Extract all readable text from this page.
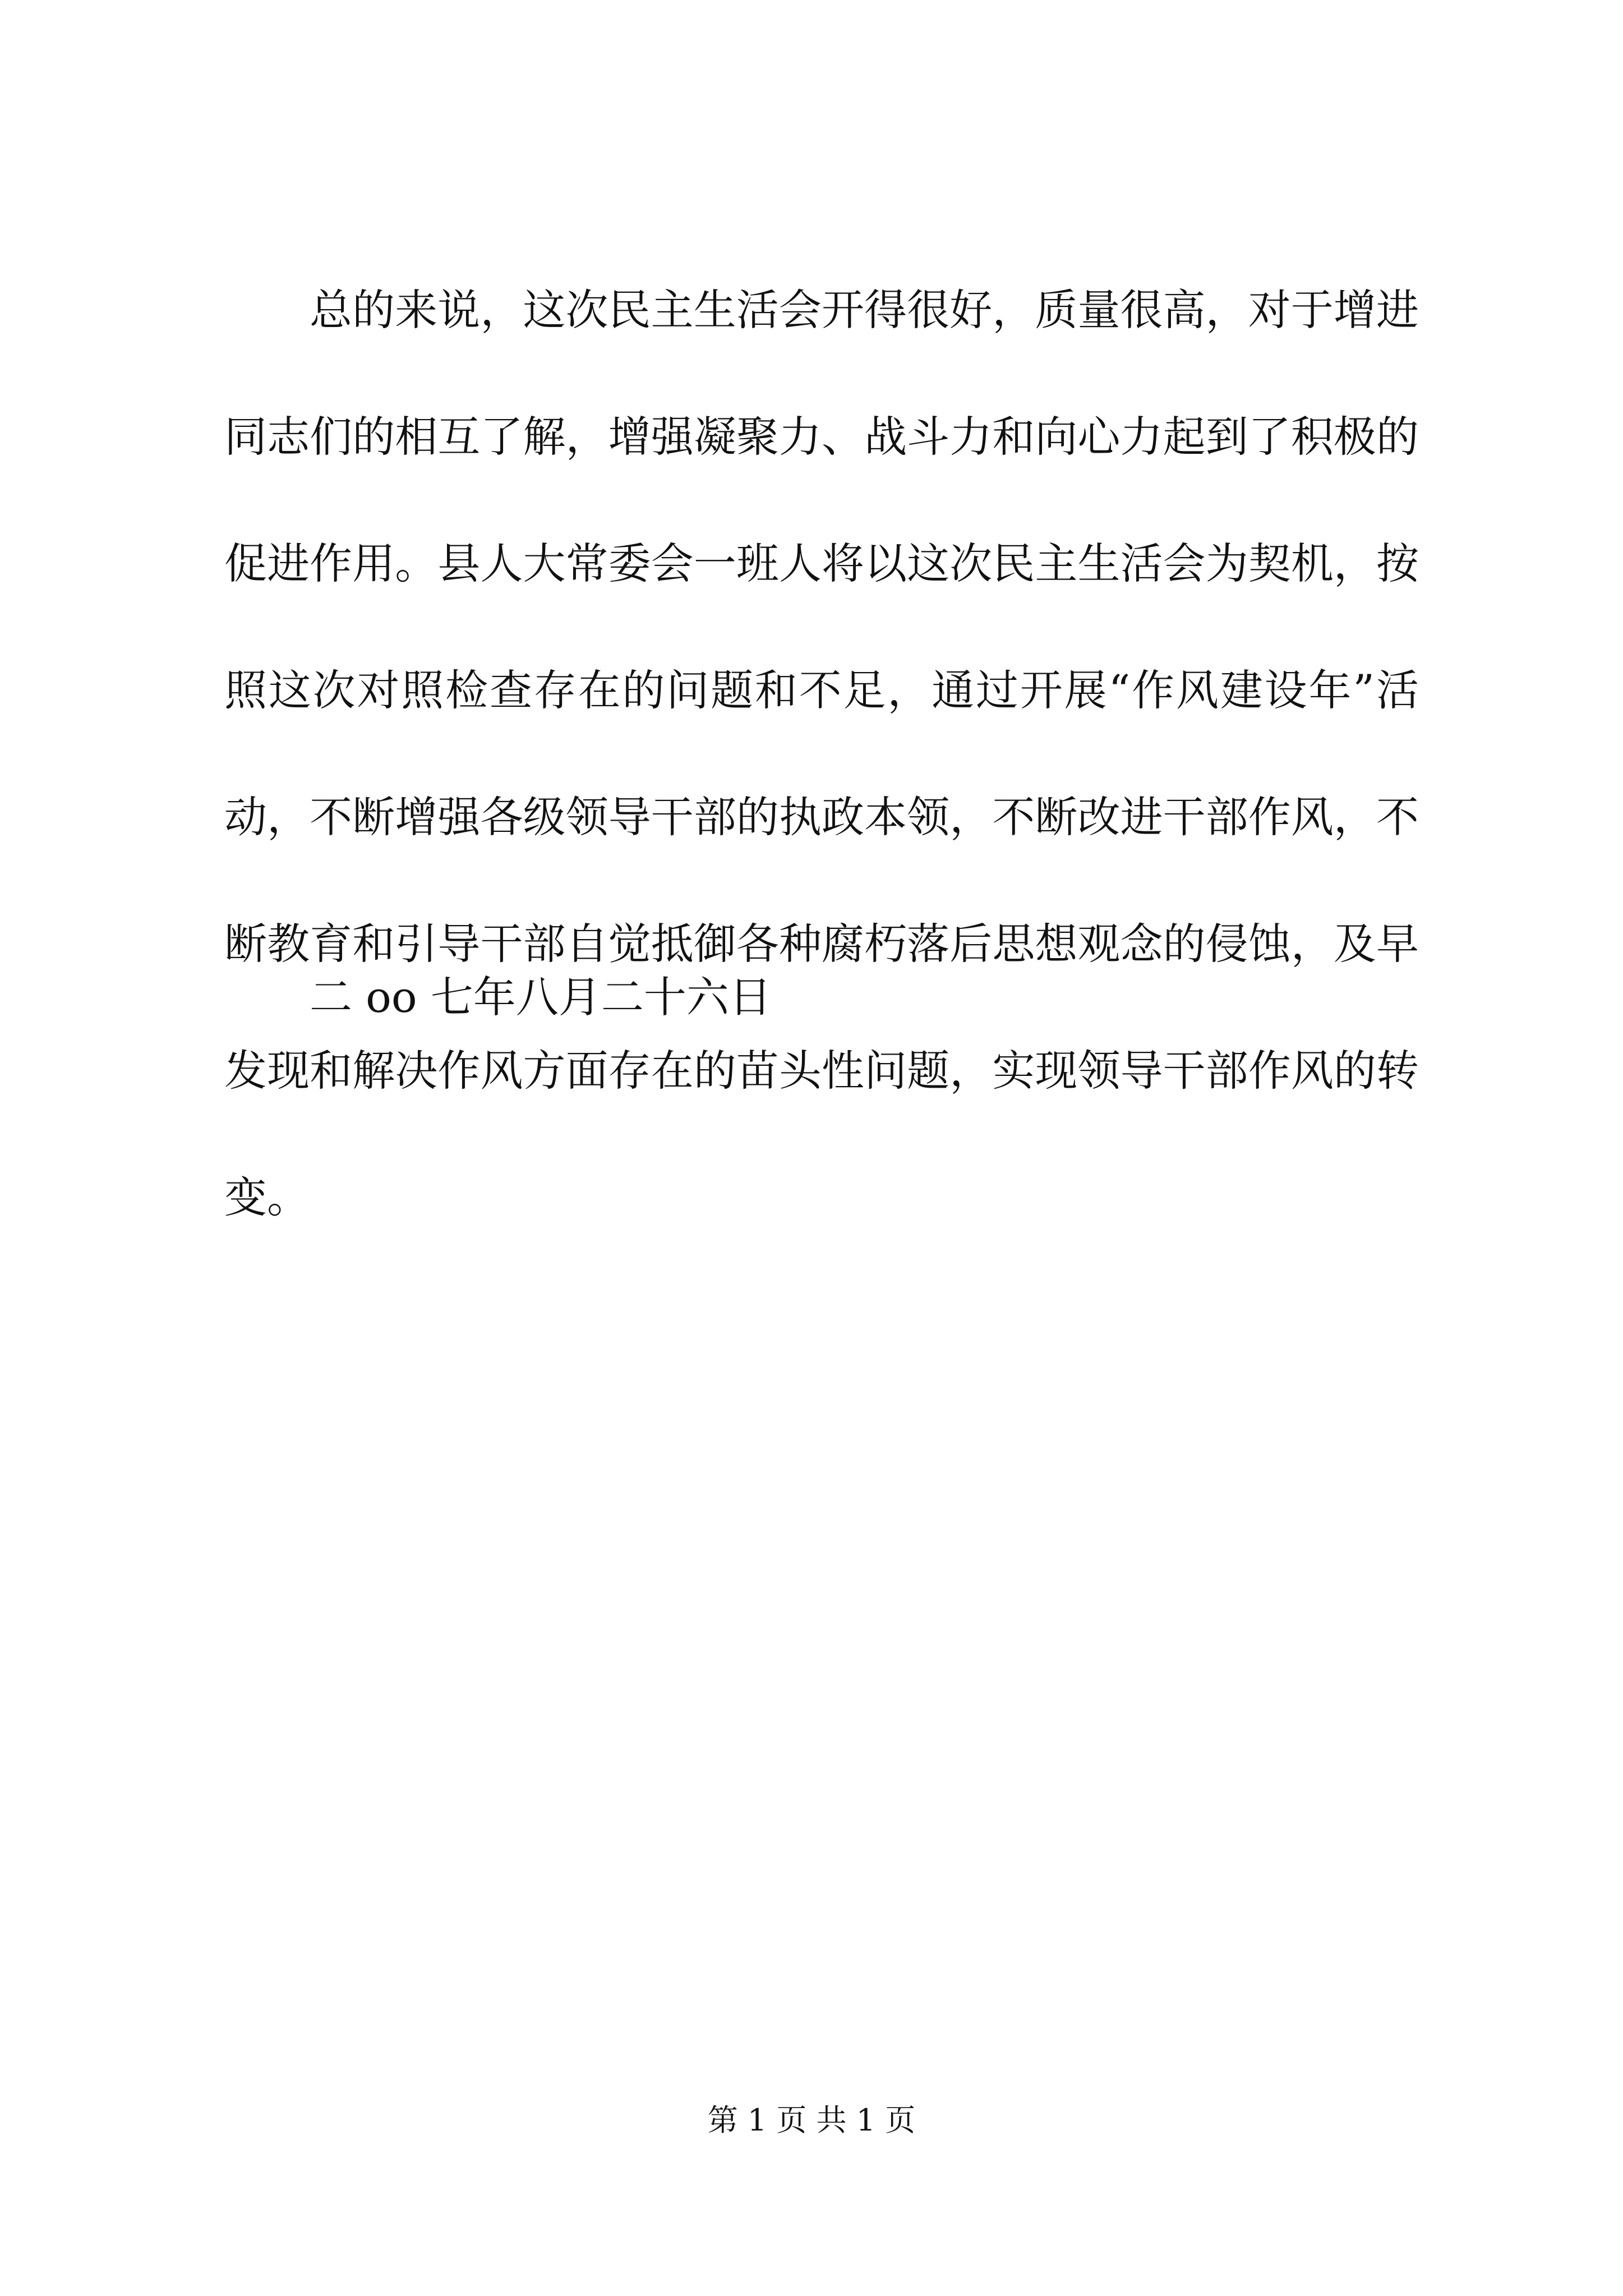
总的来说，这次民主生活会开得很好，质量很高，对于增进
同志们的相互了解，增强凝聚力、战斗力和向心力起到了积极的
促进作用。县人大常委会一班人将以这次民主生活会为契机，按
照这次对照检查存在的问题和不足，通过开展“作风建设年”活
动，不断增强各级领导干部的执政本领，不断改进干部作风，不
断教育和引导干部自觉抵御各种腐朽落后思想观念的侵蚀，及早
发现和解决作风方面存在的苗头性问题，实现领导干部作风的转
变。
二 oo 七年八月二十六日
第 1 页 共 1 页
